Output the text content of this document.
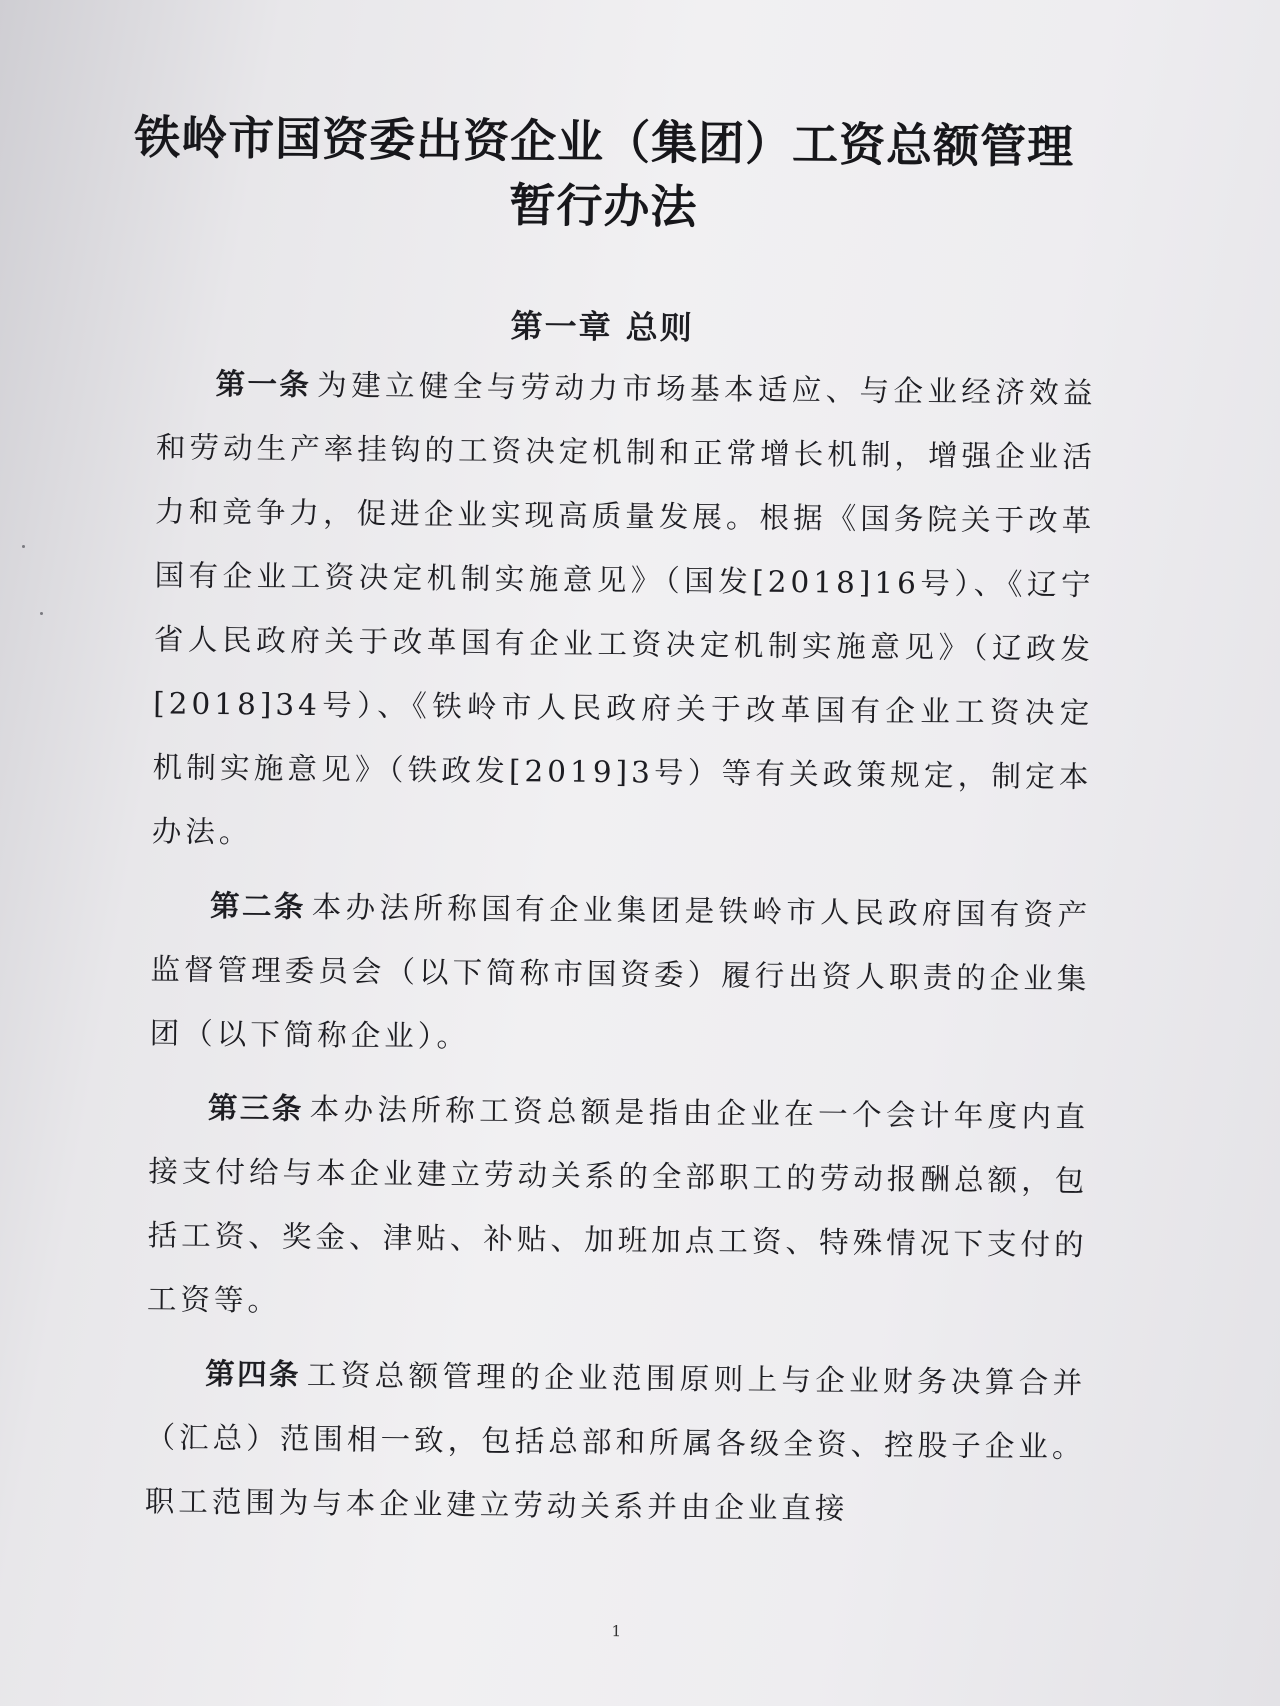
铁岭市国资委出资企业（集团）工资总额管理暂行办法
第一章 总则

第一条 为建立健全与劳动力市场基本适应、与企业经济效益和劳动生产率挂钩的工资决定机制和正常增长机制，增强企业活力和竞争力，促进企业实现高质量发展。根据《国务院关于改革国有企业工资决定机制实施意见》（国发[2018]16号）、《辽宁省人民政府关于改革国有企业工资决定机制实施意见》（辽政发[2018]34号）、《铁岭市人民政府关于改革国有企业工资决定机制实施意见》（铁政发[2019]3号）等有关政策规定，制定本办法。

第二条 本办法所称国有企业集团是铁岭市人民政府国有资产监督管理委员会（以下简称市国资委）履行出资人职责的企业集团（以下简称企业）。

第三条 本办法所称工资总额是指由企业在一个会计年度内直接支付给与本企业建立劳动关系的全部职工的劳动报酬总额，包括工资、奖金、津贴、补贴、加班加点工资、特殊情况下支付的工资等。

第四条 工资总额管理的企业范围原则上与企业财务决算合并（汇总）范围相一致，包括总部和所属各级全资、控股子企业。职工范围为与本企业建立劳动关系并由企业直接

1
